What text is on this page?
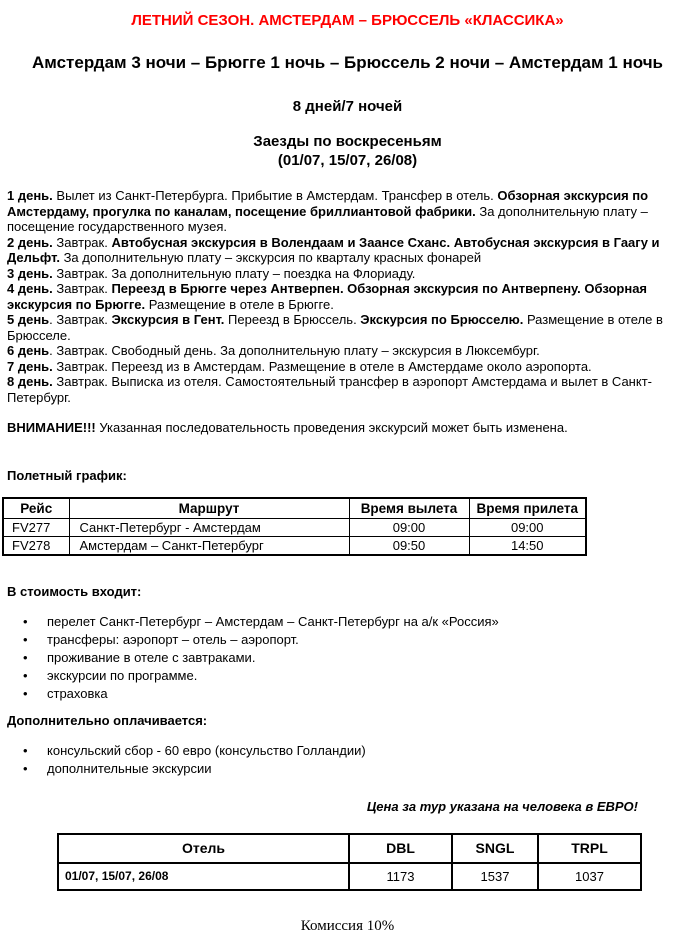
ЛЕТНИЙ СЕЗОН. АМСТЕРДАМ – БРЮССЕЛЬ «КЛАССИКА»
Амстердам 3 ночи – Брюгге 1 ночь – Брюссель 2 ночи – Амстердам 1 ночь
8 дней/7 ночей
Заезды по воскресеньям
(01/07, 15/07, 26/08)

1 день. Вылет из Санкт-Петербурга. Прибытие в Амстердам. Трансфер в отель. Обзорная экскурсия по Амстердаму, прогулка по каналам, посещение бриллиантовой фабрики. За дополнительную плату – посещение государственного музея.

2 день. Завтрак. Автобусная экскурсия в Волендаам и Заансе Сханс. Автобусная экскурсия в Гаагу и Дельфт. За дополнительную плату – экскурсия по кварталу красных фонарей

3 день. Завтрак. За дополнительную плату – поездка на Флориаду.

4 день. Завтрак. Переезд в Брюгге через Антверпен. Обзорная экскурсия по Антверпену. Обзорная экскурсия по Брюгге. Размещение в отеле в Брюгге.

5 день. Завтрак. Экскурсия в Гент. Переезд в Брюссель. Экскурсия по Брюсселю. Размещение в отеле в Брюсселе.

6 день. Завтрак. Свободный день. За дополнительную плату – экскурсия в Люксембург.

7 день. Завтрак. Переезд из в Амстердам. Размещение в отеле в Амстердаме около аэропорта.

8 день. Завтрак. Выписка из отеля. Самостоятельный трансфер в аэропорт Амстердама и вылет в Санкт-Петербург.

ВНИМАНИЕ!!! Указанная последовательность проведения экскурсий может быть изменена.

Полетный график:

Рейс	Маршрут	Время вылета	Время прилета
FV277	Санкт-Петербург - Амстердам	09:00	09:00
FV278	Амстердам – Санкт-Петербург	09:50	14:50

В стоимость входит:

• перелет Санкт-Петербург – Амстердам – Санкт-Петербург на а/к «Россия»
• трансферы: аэропорт – отель – аэропорт.
• проживание в отеле с завтраками.
• экскурсии по программе.
• страховка

Дополнительно оплачивается:

• консульский сбор - 60 евро (консульство Голландии)
• дополнительные экскурсии
Цена за тур указана на человека в ЕВРО!
Отель	DBL	SNGL	TRPL
01/07, 15/07, 26/08	1173	1537	1037
Комиссия 10%
